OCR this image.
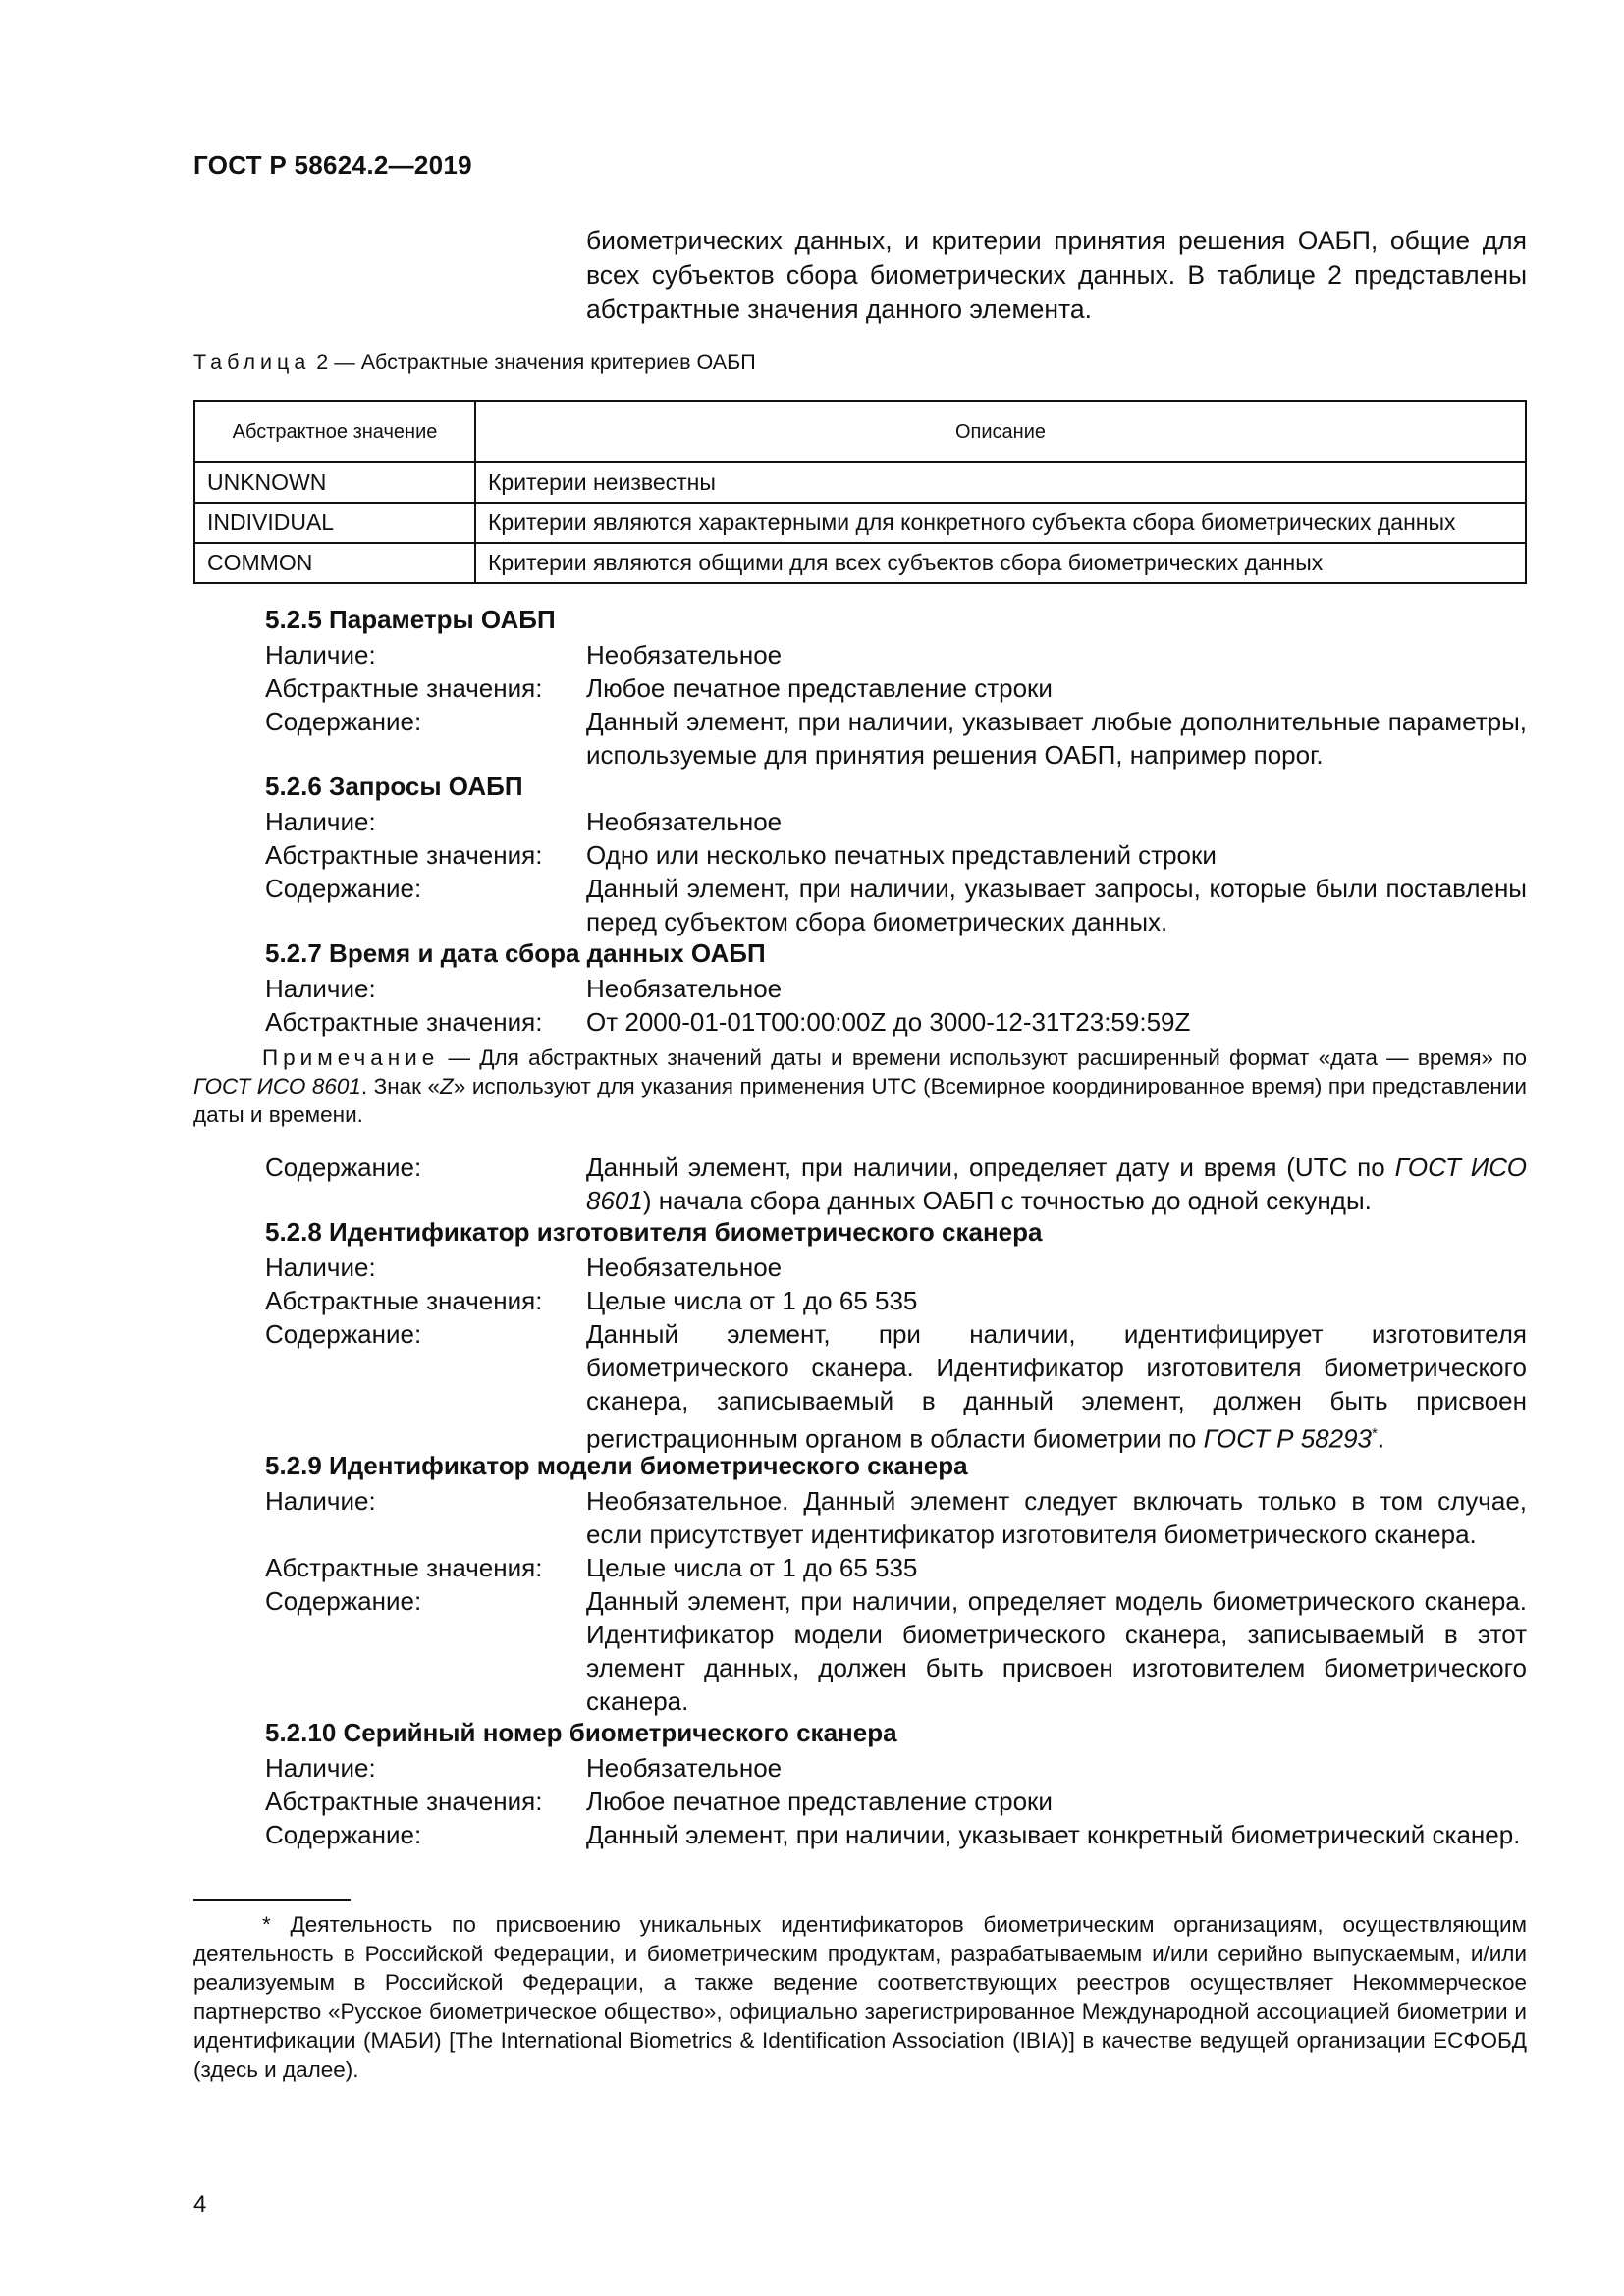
ГОСТ Р 58624.2—2019
биометрических данных, и критерии принятия решения ОАБП, общие для всех субъектов сбора биометрических данных. В таблице 2 представлены абстрактные значения данного элемента.
Таблица 2 — Абстрактные значения критериев ОАБП
Абстрактное значение	Описание
UNKNOWN	Критерии неизвестны
INDIVIDUAL	Критерии являются характерными для конкретного субъекта сбора биометрических данных
COMMON	Критерии являются общими для всех субъектов сбора биометрических данных
5.2.5 Параметры ОАБП
Наличие:	Необязательное
Абстрактные значения: Любое печатное представление строки
Содержание:	Данный элемент, при наличии, указывает любые дополнительные параметры, используемые для принятия решения ОАБП, например порог.
5.2.6 Запросы ОАБП
Наличие:	Необязательное
Абстрактные значения: Одно или несколько печатных представлений строки
Содержание:	Данный элемент, при наличии, указывает запросы, которые были поставлены перед субъектом сбора биометрических данных.
5.2.7 Время и дата сбора данных ОАБП
Наличие:	Необязательное
Абстрактные значения: От 2000-01-01T00:00:00Z до 3000-12-31T23:59:59Z
Примечание — Для абстрактных значений даты и времени используют расширенный формат «дата — время» по ГОСТ ИСО 8601. Знак «Z» используют для указания применения UTC (Всемирное координированное время) при представлении даты и времени.
Содержание:	Данный элемент, при наличии, определяет дату и время (UTC по ГОСТ ИСО 8601) начала сбора данных ОАБП с точностью до одной секунды.
5.2.8 Идентификатор изготовителя биометрического сканера
Наличие:	Необязательное
Абстрактные значения: Целые числа от 1 до 65 535
Содержание:	Данный элемент, при наличии, идентифицирует изготовителя биометрического сканера. Идентификатор изготовителя биометрического сканера, записываемый в данный элемент, должен быть присвоен регистрационным органом в области биометрии по ГОСТ Р 58293*.
5.2.9 Идентификатор модели биометрического сканера
Наличие:	Необязательное. Данный элемент следует включать только в том случае, если присутствует идентификатор изготовителя биометрического сканера.
Абстрактные значения: Целые числа от 1 до 65 535
Содержание:	Данный элемент, при наличии, определяет модель биометрического сканера. Идентификатор модели биометрического сканера, записываемый в этот элемент данных, должен быть присвоен изготовителем биометрического сканера.
5.2.10 Серийный номер биометрического сканера
Наличие:	Необязательное
Абстрактные значения: Любое печатное представление строки
Содержание:	Данный элемент, при наличии, указывает конкретный биометрический сканер.
* Деятельность по присвоению уникальных идентификаторов биометрическим организациям, осуществляющим деятельность в Российской Федерации, и биометрическим продуктам, разрабатываемым и/или серийно выпускаемым, и/или реализуемым в Российской Федерации, а также ведение соответствующих реестров осуществляет Некоммерческое партнерство «Русское биометрическое общество», официально зарегистрированное Международной ассоциацией биометрии и идентификации (МАБИ) [The International Biometrics & Identification Association (IBIA)] в качестве ведущей организации ЕСФОБД (здесь и далее).
4
